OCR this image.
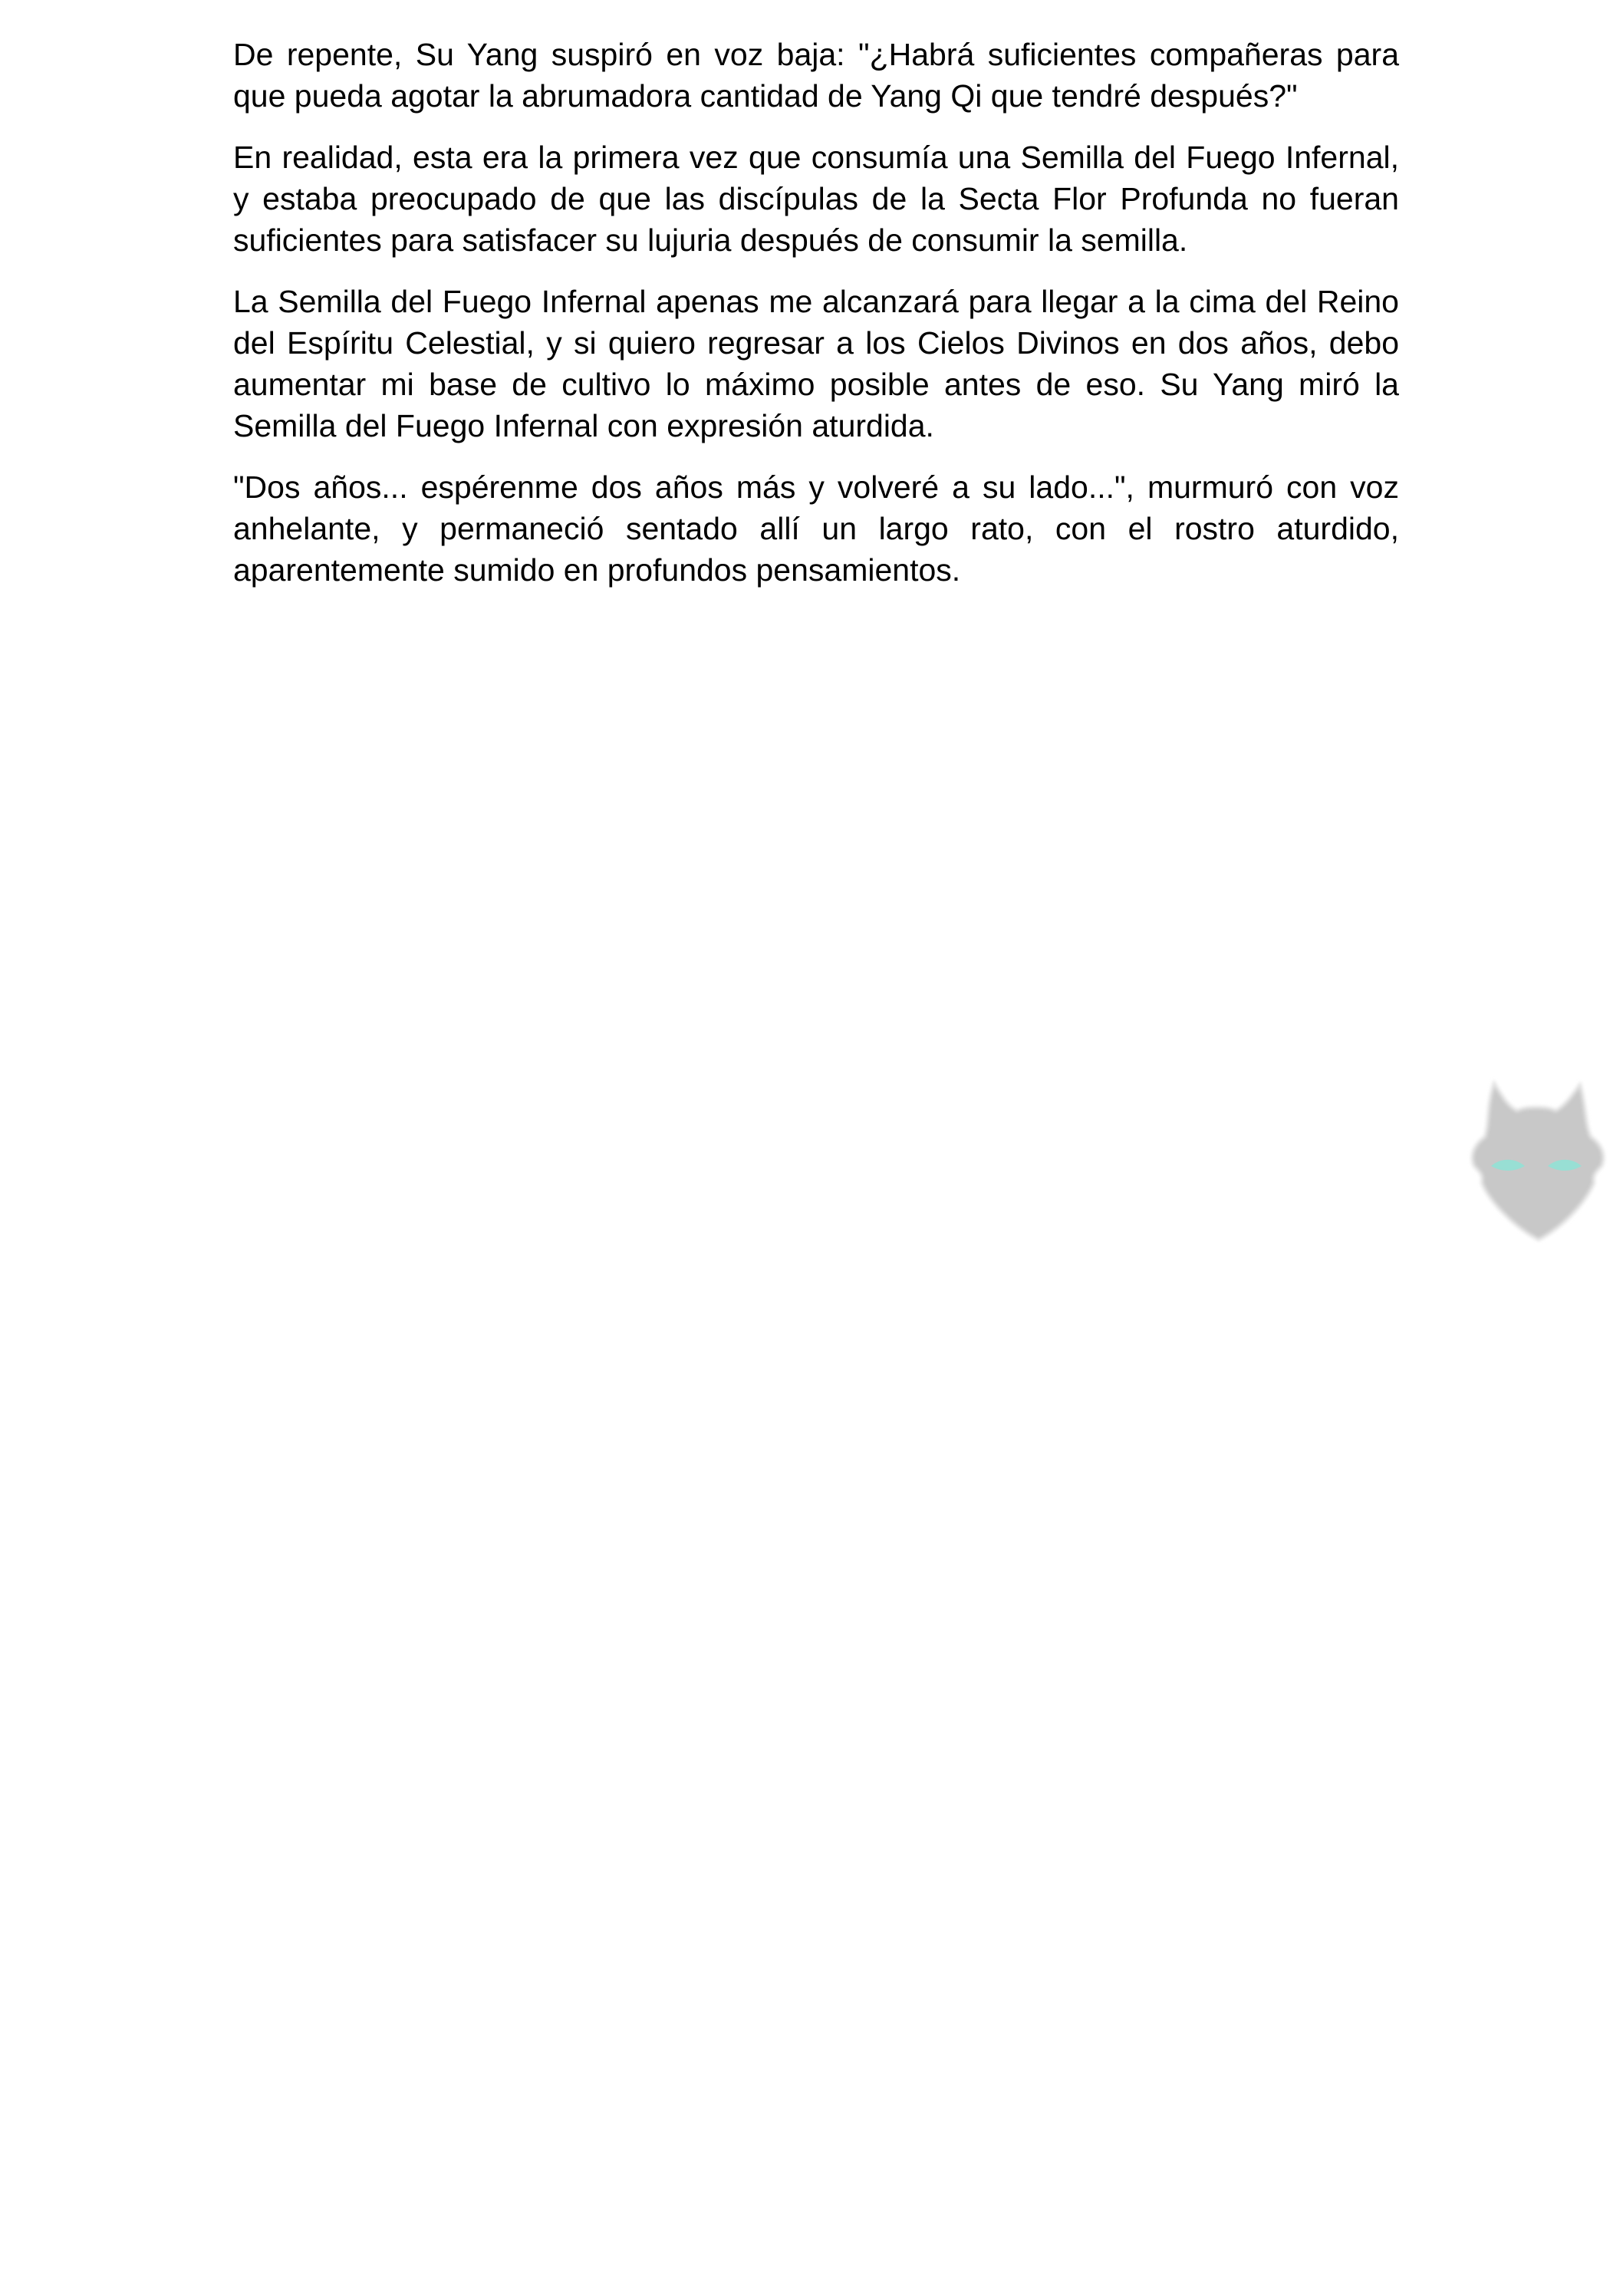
De repente, Su Yang suspiró en voz baja: "¿Habrá suficientes compañeras para que pueda agotar la abrumadora cantidad de Yang Qi que tendré después?"

En realidad, esta era la primera vez que consumía una Semilla del Fuego Infernal, y estaba preocupado de que las discípulas de la Secta Flor Profunda no fueran suficientes para satisfacer su lujuria después de consumir la semilla.

La Semilla del Fuego Infernal apenas me alcanzará para llegar a la cima del Reino del Espíritu Celestial, y si quiero regresar a los Cielos Divinos en dos años, debo aumentar mi base de cultivo lo máximo posible antes de eso. Su Yang miró la Semilla del Fuego Infernal con expresión aturdida.

"Dos años... espérenme dos años más y volveré a su lado...", murmuró con voz anhelante, y permaneció sentado allí un largo rato, con el rostro aturdido, aparentemente sumido en profundos pensamientos.
